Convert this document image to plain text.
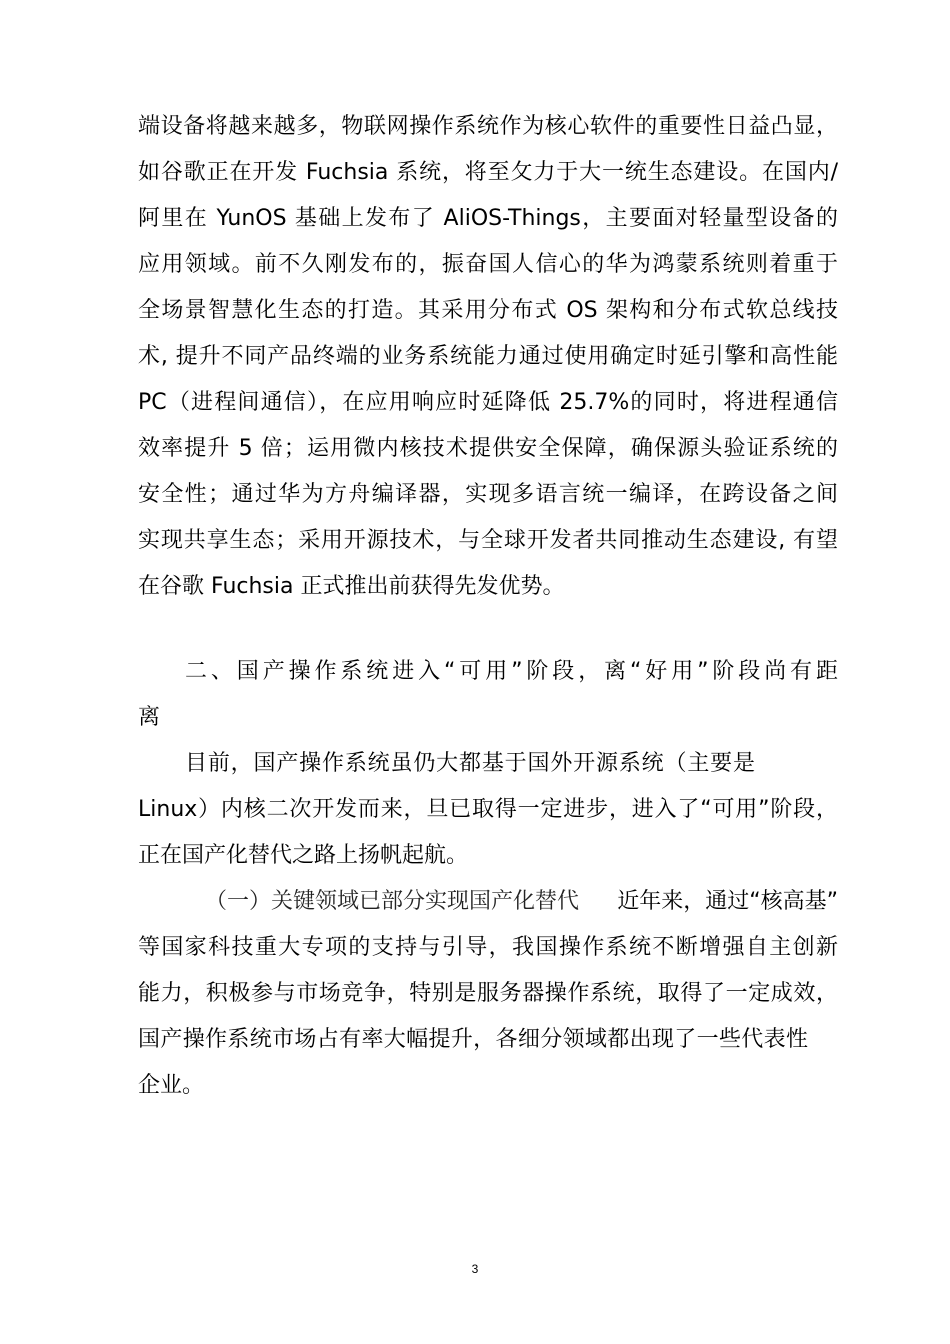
端设备将越来越多，物联网操作系统作为核心软件的重要性日益凸显，
如谷歌正在开发 Fuchsia 系统，将至攵力于大一统生态建设。在国内/
阿里在 YunOS 基础上发布了 AliOS-Things，主要面对轻量型设备的
应用领域。前不久刚发布的，振奋国人信心的华为鸿蒙系统则着重于
全场景智慧化生态的打造。其采用分布式 OS 架构和分布式软总线技
术, 提升不同产品终端的业务系统能力通过使用确定时延引擎和高性能
PC（进程间通信），在应用响应时延降低 25.7%的同时，将进程通信
效率提升 5 倍；运用微内核技术提供安全保障，确保源头验证系统的
安全性；通过华为方舟编译器，实现多语言统一编译，在跨设备之间
实现共享生态；采用开源技术，与全球开发者共同推动生态建设, 有望
在谷歌 Fuchsia 正式推出前获得先发优势。
二、国产操作系统进入“可用”阶段，离“好用”阶段尚有距
离
目前，国产操作系统虽仍大都基于国外开源系统（主要是
Linux）内核二次开发而来，旦已取得一定进步，进入了“可用”阶段，
正在国产化替代之路上扬帆起航。
（一）关键领域已部分实现国产化替代 近年来，通过“核高基”
等国家科技重大专项的支持与引导，我国操作系统不断增强自主创新
能力，积极参与市场竞争，特别是服务器操作系统，取得了一定成效，
国产操作系统市场占有率大幅提升，各细分领域都出现了一些代表性
企业。
3
